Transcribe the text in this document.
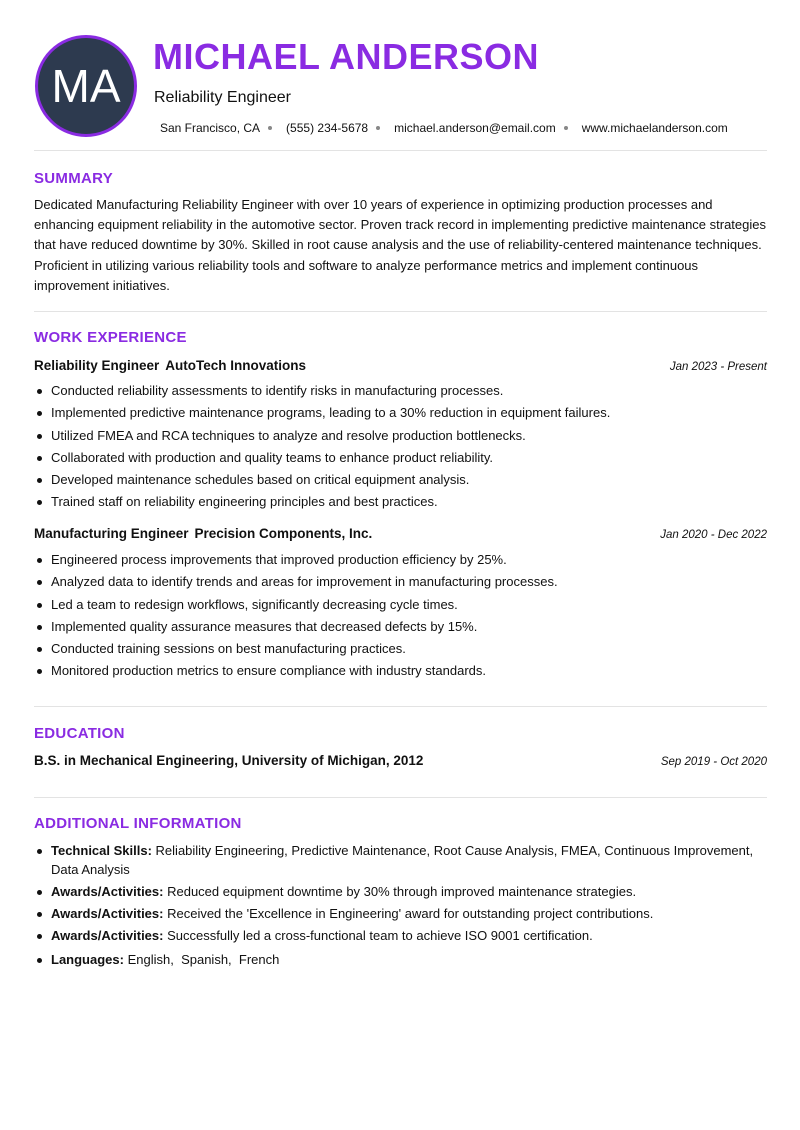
MA
MICHAEL ANDERSON
Reliability Engineer
San Francisco, CA (555) 234-5678 michael.anderson@email.com www.michaelanderson.com
SUMMARY
Dedicated Manufacturing Reliability Engineer with over 10 years of experience in optimizing production processes and enhancing equipment reliability in the automotive sector. Proven track record in implementing predictive maintenance strategies that have reduced downtime by 30%. Skilled in root cause analysis and the use of reliability-centered maintenance techniques. Proficient in utilizing various reliability tools and software to analyze performance metrics and implement continuous improvement initiatives.
WORK EXPERIENCE
Reliability Engineer AutoTech Innovations	Jan 2023 - Present
Conducted reliability assessments to identify risks in manufacturing processes.
Implemented predictive maintenance programs, leading to a 30% reduction in equipment failures.
Utilized FMEA and RCA techniques to analyze and resolve production bottlenecks.
Collaborated with production and quality teams to enhance product reliability.
Developed maintenance schedules based on critical equipment analysis.
Trained staff on reliability engineering principles and best practices.
Manufacturing Engineer Precision Components, Inc.	Jan 2020 - Dec 2022
Engineered process improvements that improved production efficiency by 25%.
Analyzed data to identify trends and areas for improvement in manufacturing processes.
Led a team to redesign workflows, significantly decreasing cycle times.
Implemented quality assurance measures that decreased defects by 15%.
Conducted training sessions on best manufacturing practices.
Monitored production metrics to ensure compliance with industry standards.
EDUCATION
B.S. in Mechanical Engineering, University of Michigan, 2012	Sep 2019 - Oct 2020
ADDITIONAL INFORMATION
Technical Skills: Reliability Engineering, Predictive Maintenance, Root Cause Analysis, FMEA, Continuous Improvement, Data Analysis
Awards/Activities: Reduced equipment downtime by 30% through improved maintenance strategies.
Awards/Activities: Received the 'Excellence in Engineering' award for outstanding project contributions.
Awards/Activities: Successfully led a cross-functional team to achieve ISO 9001 certification.
Languages: English,  Spanish,  French
